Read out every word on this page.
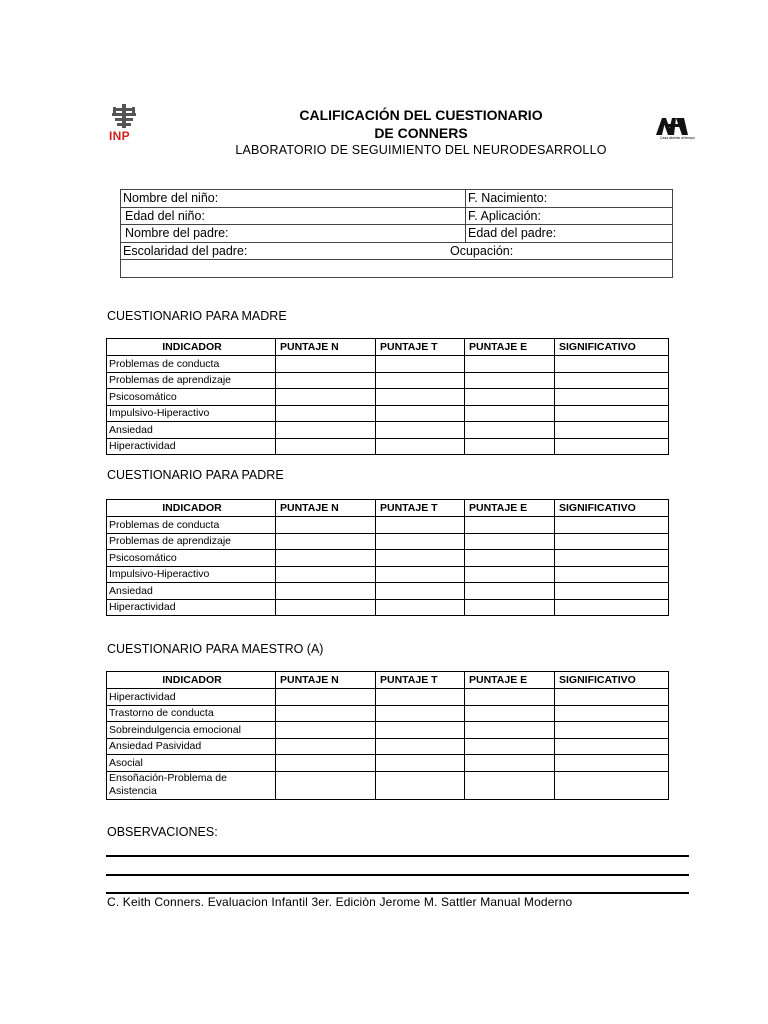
INP	Casa abierta al tiempo
CALIFICACIÓN DEL CUESTIONARIO
DE CONNERS
LABORATORIO DE SEGUIMIENTO DEL NEURODESARROLLO
Nombre del niño:	F. Nacimiento:
Edad del niño:	F. Aplicación:
Nombre del padre:	Edad del padre:
Escolaridad del padre: Ocupación:	

CUESTIONARIO PARA MADRE
INDICADOR	PUNTAJE N	PUNTAJE T	PUNTAJE E	SIGNIFICATIVO
Problemas de conducta				
Problemas de aprendizaje				
Psicosomático				
Impulsivo-Hiperactivo				
Ansiedad				
Hiperactividad				
CUESTIONARIO PARA PADRE
INDICADOR	PUNTAJE N	PUNTAJE T	PUNTAJE E	SIGNIFICATIVO
Problemas de conducta				
Problemas de aprendizaje				
Psicosomático				
Impulsivo-Hiperactivo				
Ansiedad				
Hiperactividad				
CUESTIONARIO PARA MAESTRO (A)
INDICADOR	PUNTAJE N	PUNTAJE T	PUNTAJE E	SIGNIFICATIVO
Hiperactividad				
Trastorno de conducta				
Sobreindulgencia emocional				
Ansiedad Pasividad				
Asocial				
Ensoñación-Problema de Asistencia				
OBSERVACIONES:
C. Keith Conners. Evaluacion Infantil 3er. Ediciòn Jerome M. Sattler Manual Moderno
